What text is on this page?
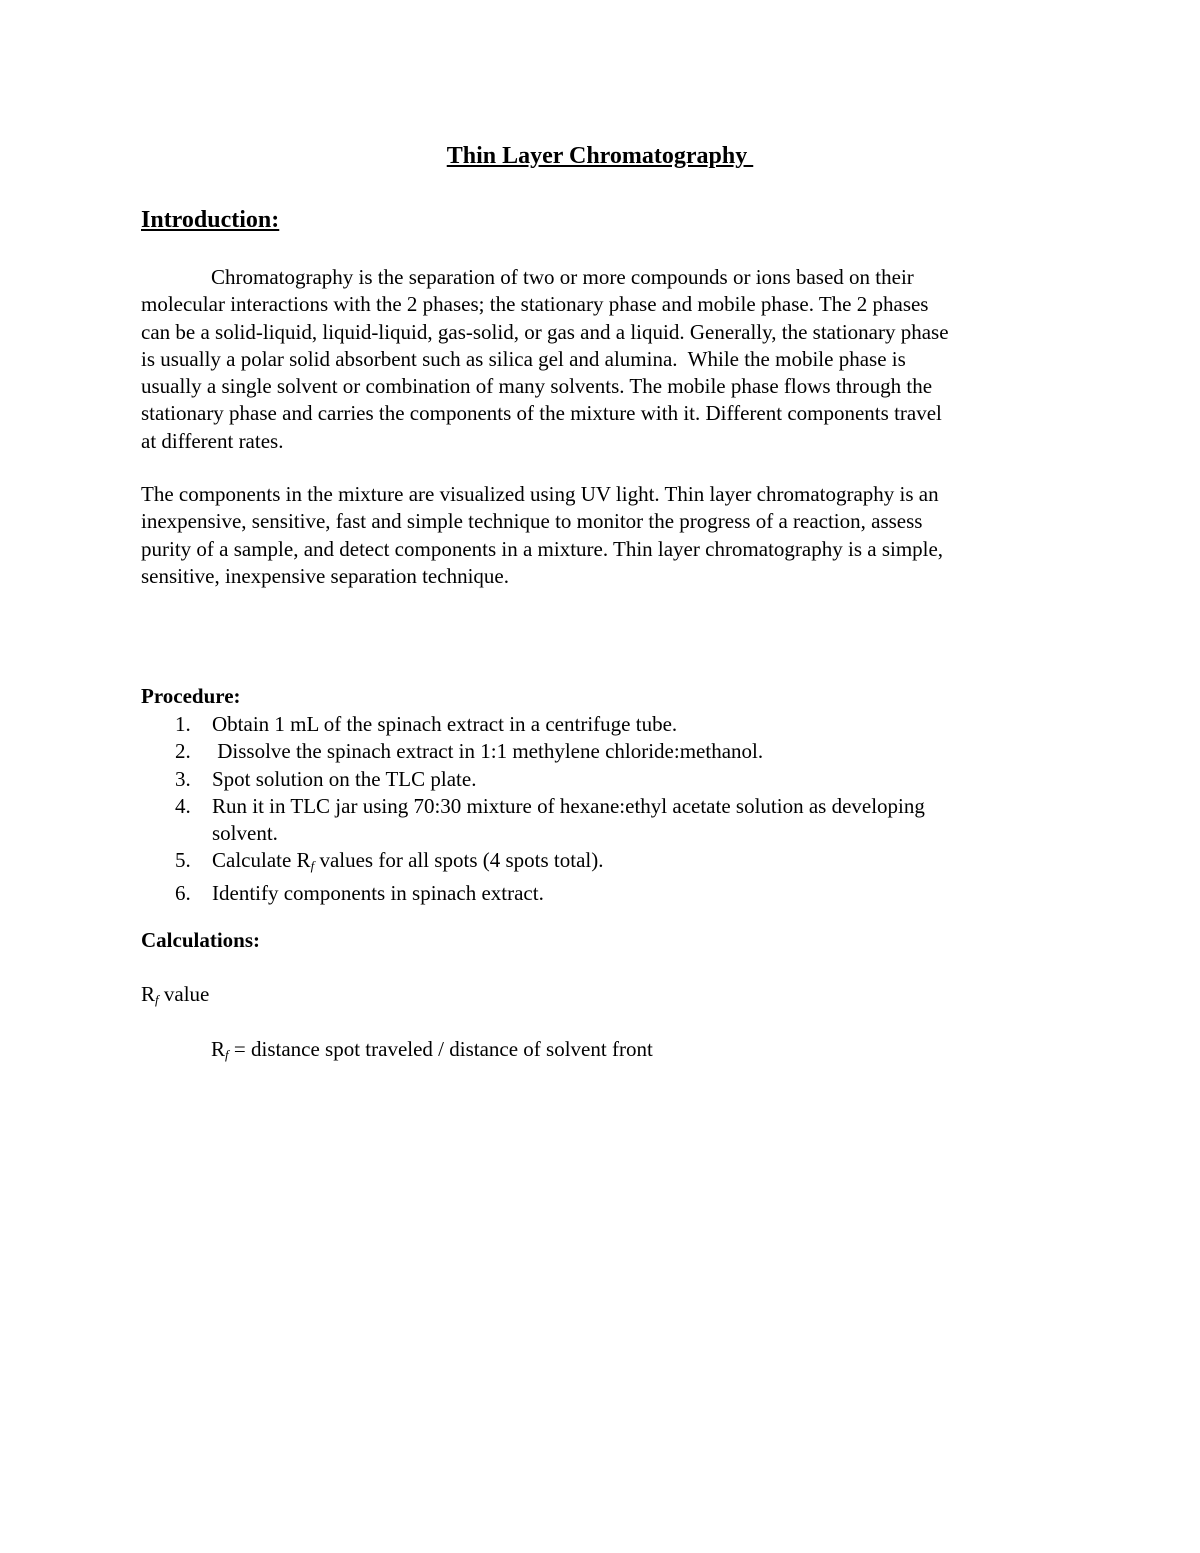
Thin Layer Chromatography
Introduction:
Chromatography is the separation of two or more compounds or ions based on their
molecular interactions with the 2 phases; the stationary phase and mobile phase. The 2 phases
can be a solid-liquid, liquid-liquid, gas-solid, or gas and a liquid. Generally, the stationary phase
is usually a polar solid absorbent such as silica gel and alumina.  While the mobile phase is
usually a single solvent or combination of many solvents. The mobile phase flows through the
stationary phase and carries the components of the mixture with it. Different components travel
at different rates.
The components in the mixture are visualized using UV light. Thin layer chromatography is an
inexpensive, sensitive, fast and simple technique to monitor the progress of a reaction, assess
purity of a sample, and detect components in a mixture. Thin layer chromatography is a simple,
sensitive, inexpensive separation technique.
Procedure:
1. Obtain 1 mL of the spinach extract in a centrifuge tube.
2. Dissolve the spinach extract in 1:1 methylene chloride:methanol.
3. Spot solution on the TLC plate.
4. Run it in TLC jar using 70:30 mixture of hexane:ethyl acetate solution as developing
solvent.
5. Calculate $R_f$ values for all spots (4 spots total).
6. Identify components in spinach extract.
Calculations:
$R_f$ value
$R_f$ = distance spot traveled / distance of solvent front
